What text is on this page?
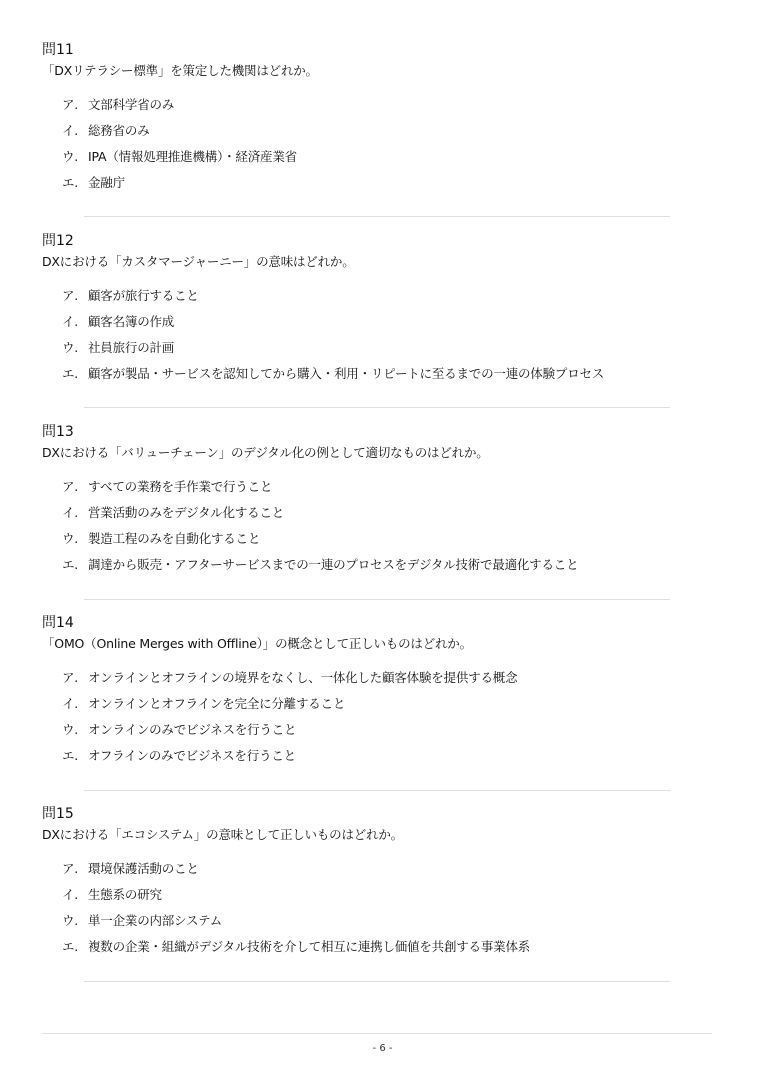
問11
「DXリテラシー標準」を策定した機関はどれか。
ア. 文部科学省のみ
イ. 総務省のみ
ウ. IPA（情報処理推進機構）・経済産業省
エ. 金融庁
問12
DXにおける「カスタマージャーニー」の意味はどれか。
ア. 顧客が旅行すること
イ. 顧客名簿の作成
ウ. 社員旅行の計画
エ. 顧客が製品・サービスを認知してから購入・利用・リピートに至るまでの一連の体験プロセス
問13
DXにおける「バリューチェーン」のデジタル化の例として適切なものはどれか。
ア. すべての業務を手作業で行うこと
イ. 営業活動のみをデジタル化すること
ウ. 製造工程のみを自動化すること
エ. 調達から販売・アフターサービスまでの一連のプロセスをデジタル技術で最適化すること
問14
「OMO（Online Merges with Offline）」の概念として正しいものはどれか。
ア. オンラインとオフラインの境界をなくし、一体化した顧客体験を提供する概念
イ. オンラインとオフラインを完全に分離すること
ウ. オンラインのみでビジネスを行うこと
エ. オフラインのみでビジネスを行うこと
問15
DXにおける「エコシステム」の意味として正しいものはどれか。
ア. 環境保護活動のこと
イ. 生態系の研究
ウ. 単一企業の内部システム
エ. 複数の企業・組織がデジタル技術を介して相互に連携し価値を共創する事業体系
- 6 -
